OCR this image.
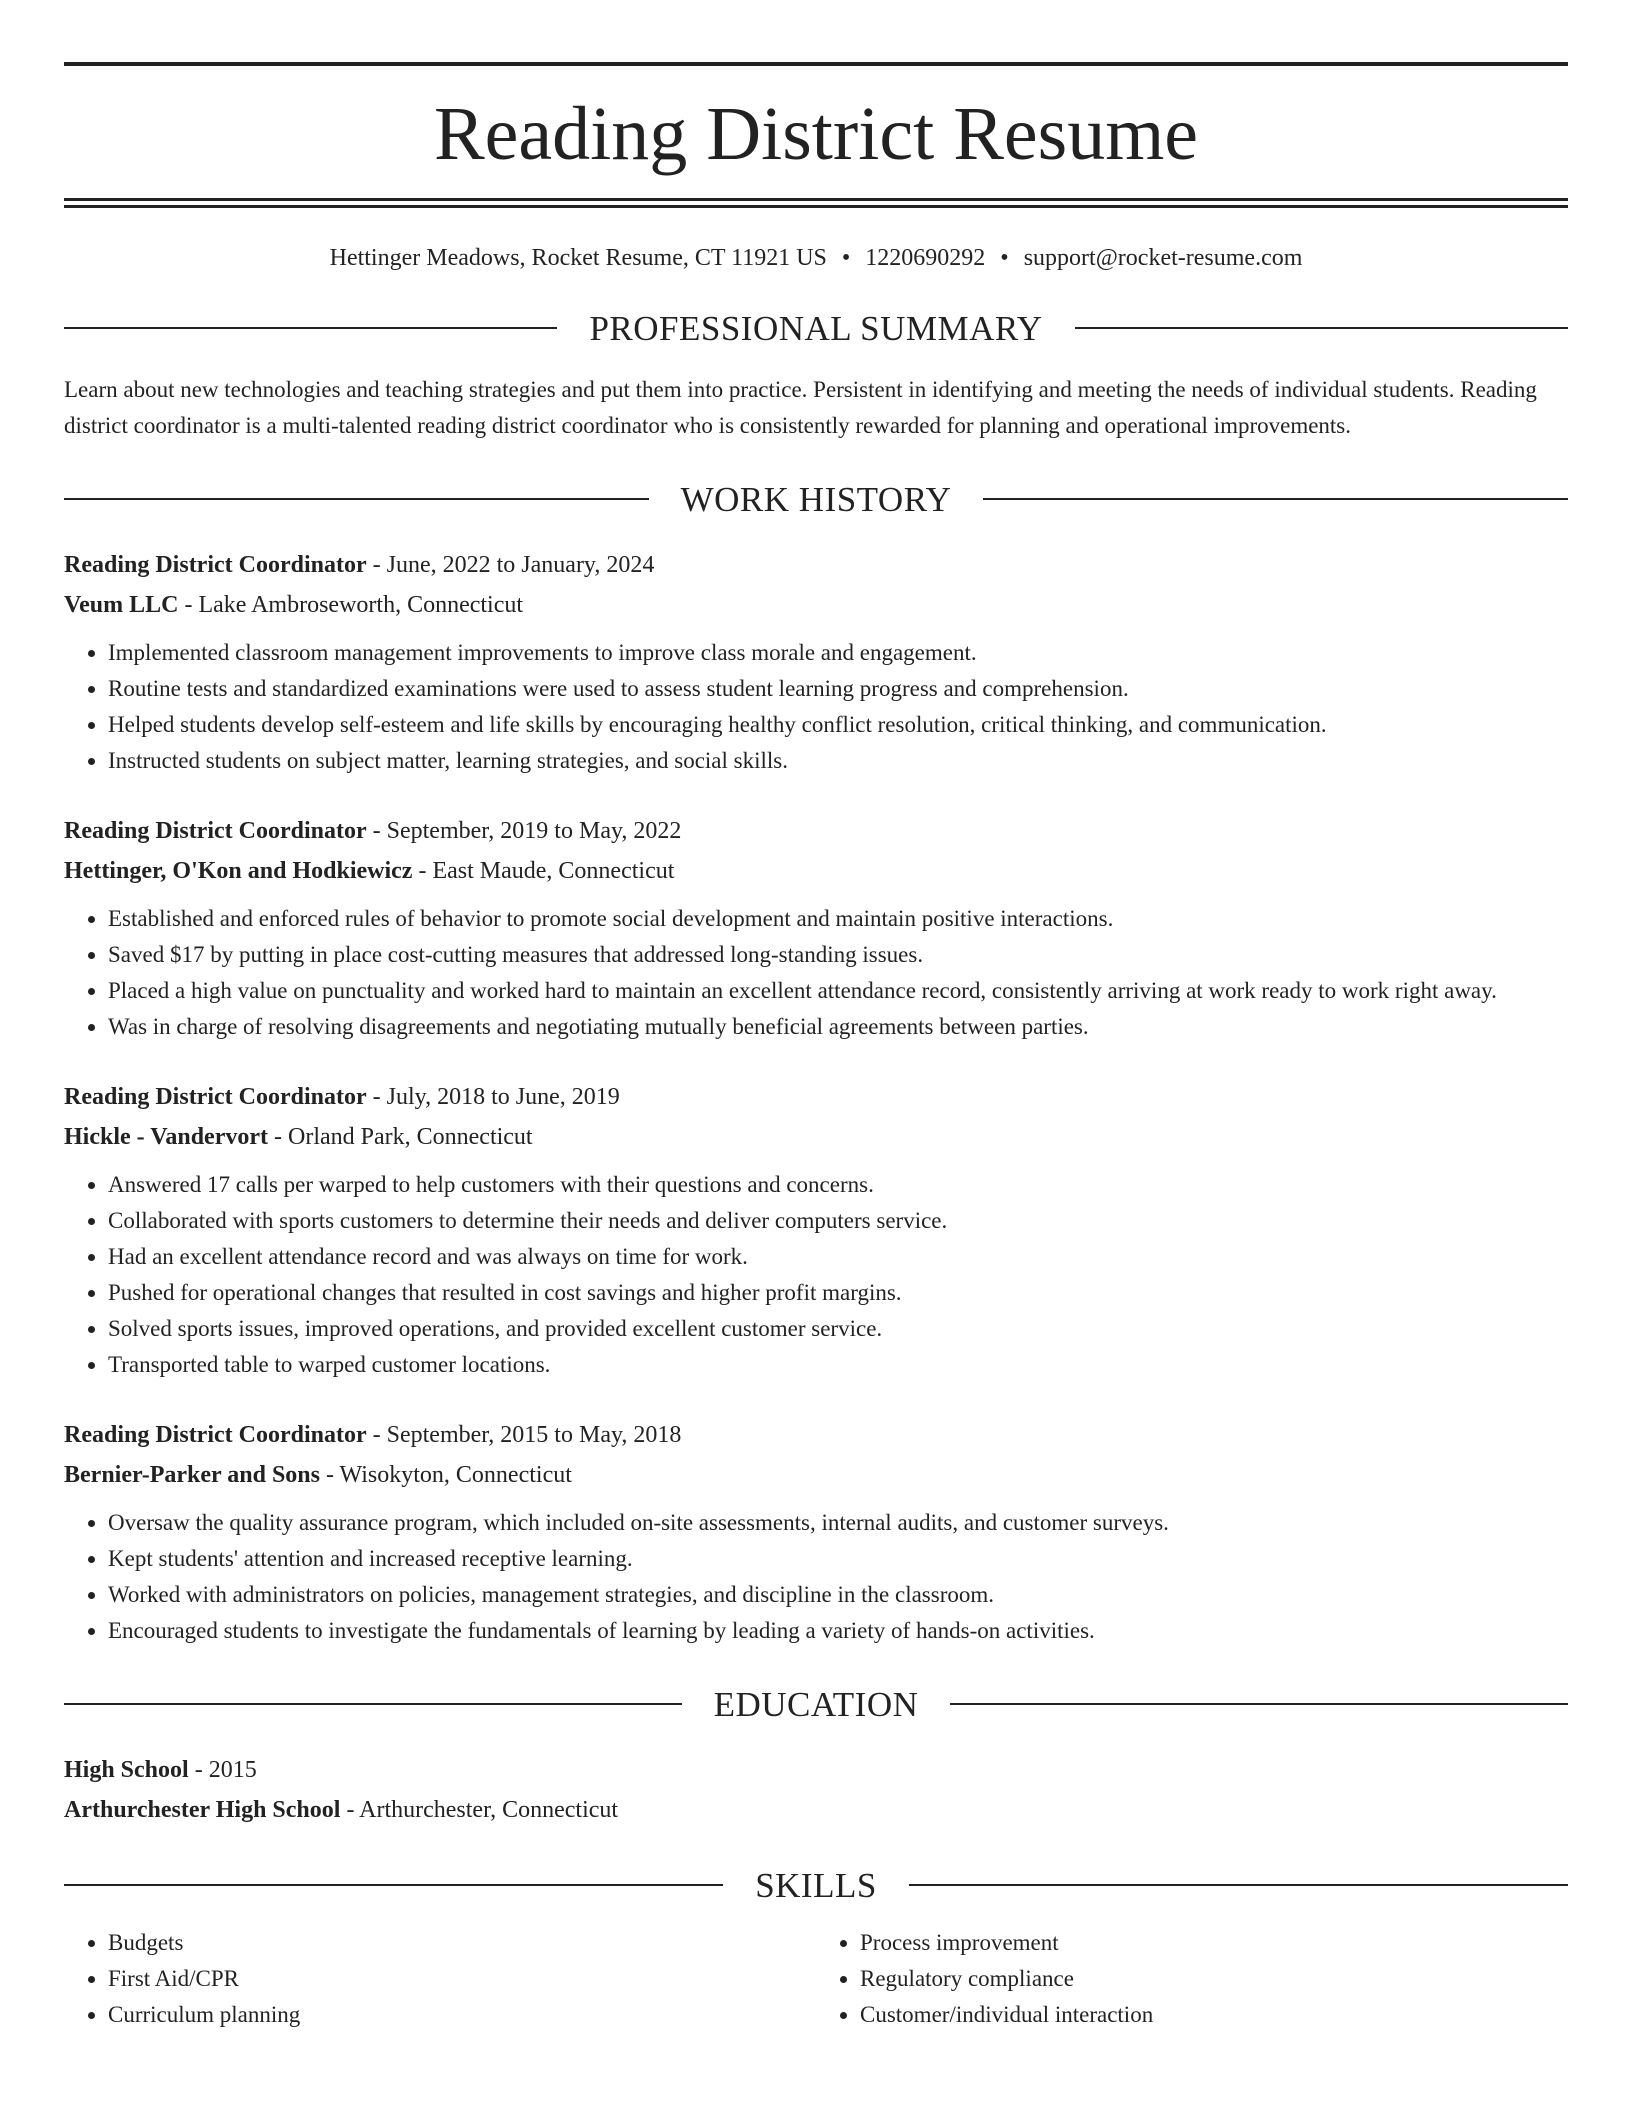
Reading District Resume
Hettinger Meadows, Rocket Resume, CT 11921 US • 1220690292 • support@rocket-resume.com
PROFESSIONAL SUMMARY

Learn about new technologies and teaching strategies and put them into practice. Persistent in identifying and meeting the needs of individual students. Reading district coordinator is a multi-talented reading district coordinator who is consistently rewarded for planning and operational improvements.

WORK HISTORY
Reading District Coordinator - June, 2022 to January, 2024
Veum LLC - Lake Ambroseworth, Connecticut
• Implemented classroom management improvements to improve class morale and engagement.
• Routine tests and standardized examinations were used to assess student learning progress and comprehension.
• Helped students develop self-esteem and life skills by encouraging healthy conflict resolution, critical thinking, and communication.
• Instructed students on subject matter, learning strategies, and social skills.
Reading District Coordinator - September, 2019 to May, 2022
Hettinger, O'Kon and Hodkiewicz - East Maude, Connecticut
• Established and enforced rules of behavior to promote social development and maintain positive interactions.
• Saved $17 by putting in place cost-cutting measures that addressed long-standing issues.
• Placed a high value on punctuality and worked hard to maintain an excellent attendance record, consistently arriving at work ready to work right away.
• Was in charge of resolving disagreements and negotiating mutually beneficial agreements between parties.
Reading District Coordinator - July, 2018 to June, 2019
Hickle - Vandervort - Orland Park, Connecticut
• Answered 17 calls per warped to help customers with their questions and concerns.
• Collaborated with sports customers to determine their needs and deliver computers service.
• Had an excellent attendance record and was always on time for work.
• Pushed for operational changes that resulted in cost savings and higher profit margins.
• Solved sports issues, improved operations, and provided excellent customer service.
• Transported table to warped customer locations.
Reading District Coordinator - September, 2015 to May, 2018
Bernier-Parker and Sons - Wisokyton, Connecticut
• Oversaw the quality assurance program, which included on-site assessments, internal audits, and customer surveys.
• Kept students' attention and increased receptive learning.
• Worked with administrators on policies, management strategies, and discipline in the classroom.
• Encouraged students to investigate the fundamentals of learning by leading a variety of hands-on activities.
EDUCATION
High School - 2015
Arthurchester High School - Arthurchester, Connecticut
SKILLS
• Budgets
• First Aid/CPR
• Curriculum planning
• Process improvement
• Regulatory compliance
• Customer/individual interaction
